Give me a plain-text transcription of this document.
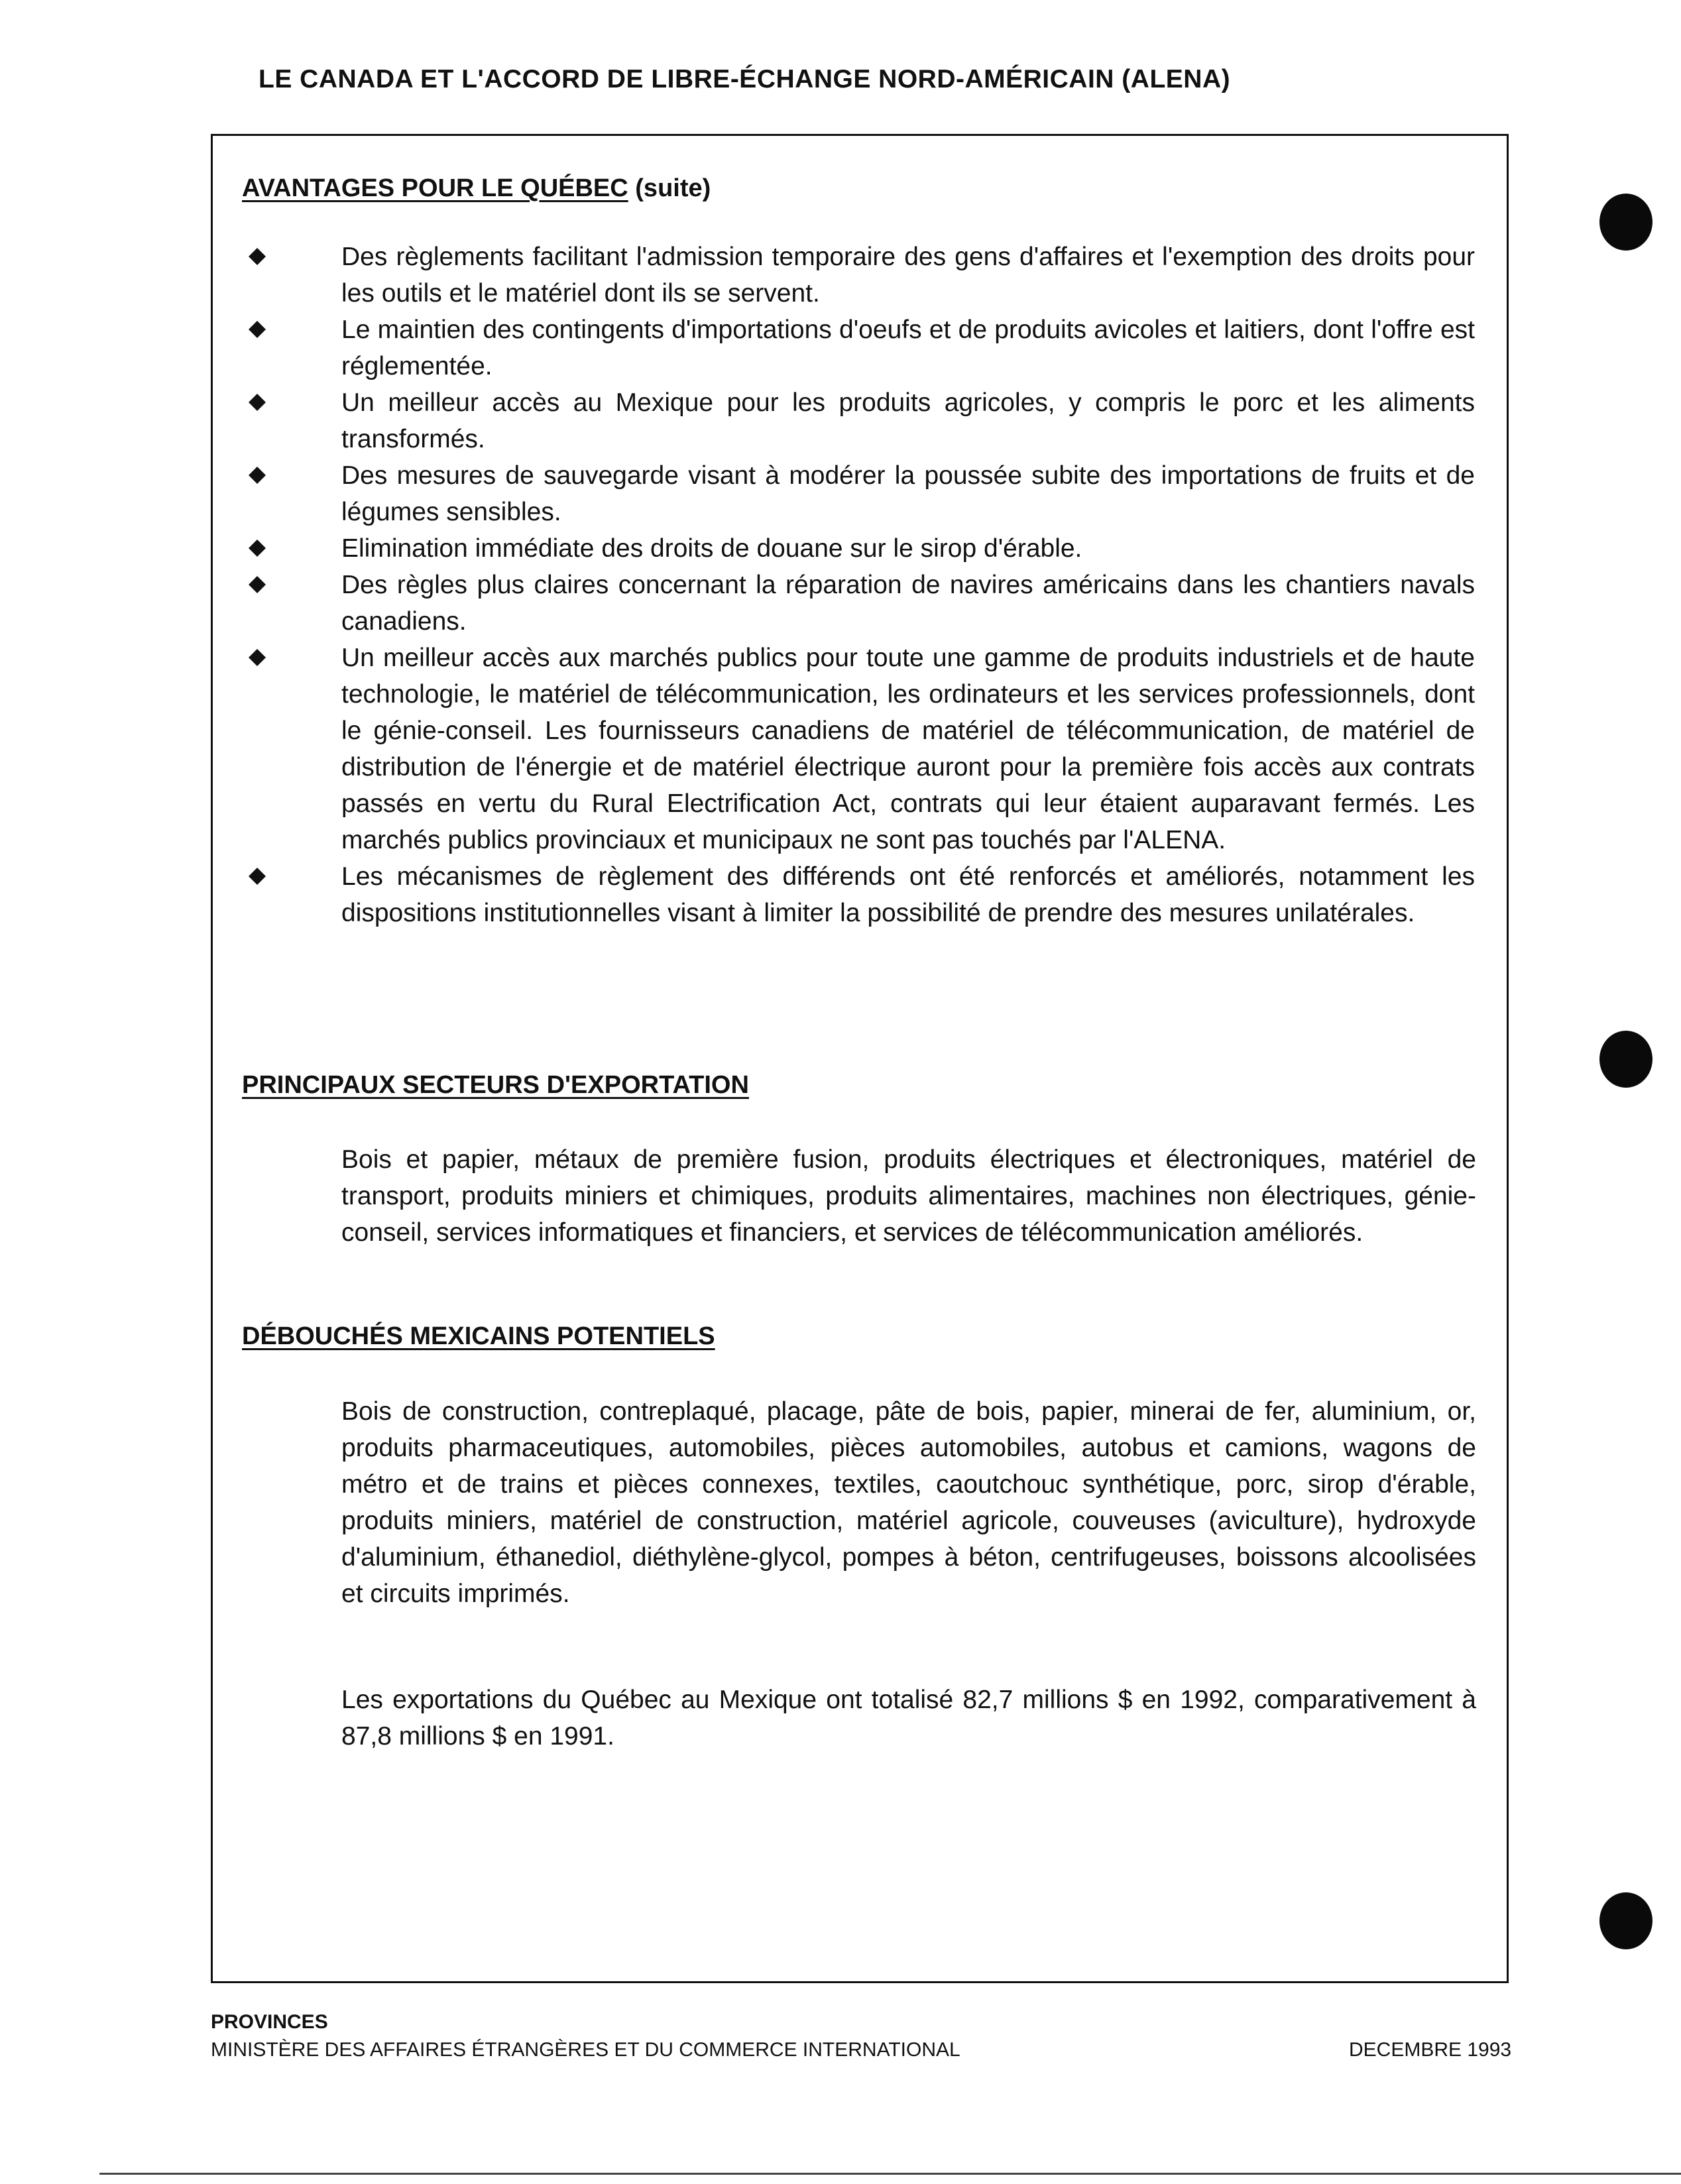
LE CANADA ET L'ACCORD DE LIBRE-ÉCHANGE NORD-AMÉRICAIN (ALENA)
AVANTAGES POUR LE QUÉBEC (suite)
Des règlements facilitant l'admission temporaire des gens d'affaires et l'exemption des droits pour les outils et le matériel dont ils se servent.
Le maintien des contingents d'importations d'oeufs et de produits avicoles et laitiers, dont l'offre est réglementée.
Un meilleur accès au Mexique pour les produits agricoles, y compris le porc et les aliments transformés.
Des mesures de sauvegarde visant à modérer la poussée subite des importations de fruits et de légumes sensibles.
Elimination immédiate des droits de douane sur le sirop d'érable.
Des règles plus claires concernant la réparation de navires américains dans les chantiers navals canadiens.
Un meilleur accès aux marchés publics pour toute une gamme de produits industriels et de haute technologie, le matériel de télécommunication, les ordinateurs et les services professionnels, dont le génie-conseil. Les fournisseurs canadiens de matériel de télécommunication, de matériel de distribution de l'énergie et de matériel électrique auront pour la première fois accès aux contrats passés en vertu du Rural Electrification Act, contrats qui leur étaient auparavant fermés. Les marchés publics provinciaux et municipaux ne sont pas touchés par l'ALENA.
Les mécanismes de règlement des différends ont été renforcés et améliorés, notamment les dispositions institutionnelles visant à limiter la possibilité de prendre des mesures unilatérales.
PRINCIPAUX SECTEURS D'EXPORTATION

Bois et papier, métaux de première fusion, produits électriques et électroniques, matériel de transport, produits miniers et chimiques, produits alimentaires, machines non électriques, génie-conseil, services informatiques et financiers, et services de télécommunication améliorés.

DÉBOUCHÉS MEXICAINS POTENTIELS

Bois de construction, contreplaqué, placage, pâte de bois, papier, minerai de fer, aluminium, or, produits pharmaceutiques, automobiles, pièces automobiles, autobus et camions, wagons de métro et de trains et pièces connexes, textiles, caoutchouc synthétique, porc, sirop d'érable, produits miniers, matériel de construction, matériel agricole, couveuses (aviculture), hydroxyde d'aluminium, éthanediol, diéthylène-glycol, pompes à béton, centrifugeuses, boissons alcoolisées et circuits imprimés.

Les exportations du Québec au Mexique ont totalisé 82,7 millions $ en 1992, comparativement à 87,8 millions $ en 1991.

PROVINCES
MINISTÈRE DES AFFAIRES ÉTRANGÈRES ET DU COMMERCE INTERNATIONAL	DECEMBRE 1993
